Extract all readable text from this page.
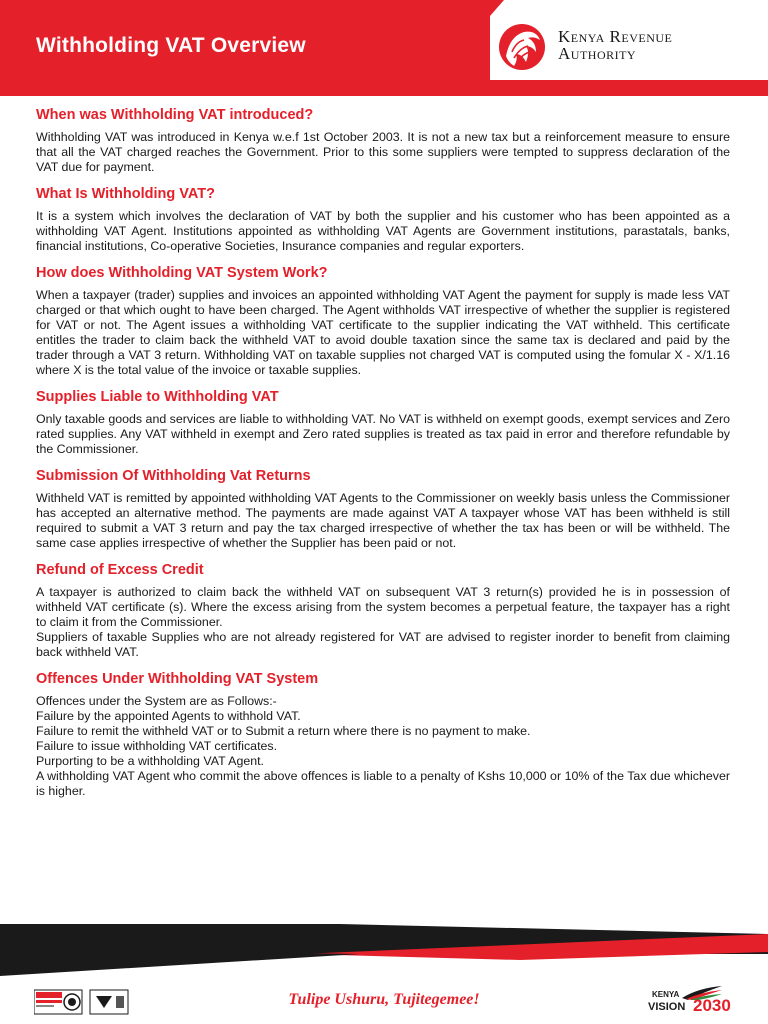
Withholding VAT Overview	Kenya Revenue
Authority
When was Withholding VAT introduced?

Withholding VAT was introduced in Kenya w.e.f 1st October 2003. It is not a new tax but a reinforcement measure to ensure that all the VAT charged reaches the Government. Prior to this some suppliers were tempted to suppress declaration of the VAT due for payment.

What Is Withholding VAT?

It is a system which involves the declaration of VAT by both the supplier and his customer who has been appointed as a withholding VAT Agent. Institutions appointed as withholding VAT Agents are Government institutions, parastatals, banks, financial institutions, Co-operative Societies, Insurance companies and regular exporters.

How does Withholding VAT System Work?

When a taxpayer (trader) supplies and invoices an appointed withholding VAT Agent the payment for supply is made less VAT charged or that which ought to have been charged. The Agent withholds VAT irrespective of whether the supplier is registered for VAT or not. The Agent issues a withholding VAT certificate to the supplier indicating the VAT withheld. This certificate entitles the trader to claim back the withheld VAT to avoid double taxation since the same tax is declared and paid by the trader through a VAT 3 return. Withholding VAT on taxable supplies not charged VAT is computed using the fomular X - X/1.16 where X is the total value of the invoice or taxable supplies.

Supplies Liable to Withholding VAT

Only taxable goods and services are liable to withholding VAT. No VAT is withheld on exempt goods, exempt services and Zero rated supplies. Any VAT withheld in exempt and Zero rated supplies is treated as tax paid in error and therefore refundable by the Commissioner.

Submission Of Withholding Vat Returns

Withheld VAT is remitted by appointed withholding VAT Agents to the Commissioner on weekly basis unless the Commissioner has accepted an alternative method. The payments are made against VAT A taxpayer whose VAT has been withheld is still required to submit a VAT 3 return and pay the tax charged irrespective of whether the tax has been or will be withheld. The same case applies irrespective of whether the Supplier has been paid or not.

Refund of Excess Credit

A taxpayer is authorized to claim back the withheld VAT on subsequent VAT 3 return(s) provided he is in possession of withheld VAT certificate (s). Where the excess arising from the system becomes a perpetual feature, the taxpayer has a right to claim it from the Commissioner.

Suppliers of taxable Supplies who are not already registered for VAT are advised to register inorder to benefit from claiming back withheld VAT.

Offences Under Withholding VAT System

Offences under the System are as Follows:-

Failure by the appointed Agents to withhold VAT.

Failure to remit the withheld VAT or to Submit a return where there is no payment to make.

Failure to issue withholding VAT certificates.

Purporting to be a withholding VAT Agent.

A withholding VAT Agent who commit the above offences is liable to a penalty of Kshs 10,000 or 10% of the Tax due whichever is higher.

Tulipe Ushuru, Tujitegemee!	KENYA
VISION 2030
